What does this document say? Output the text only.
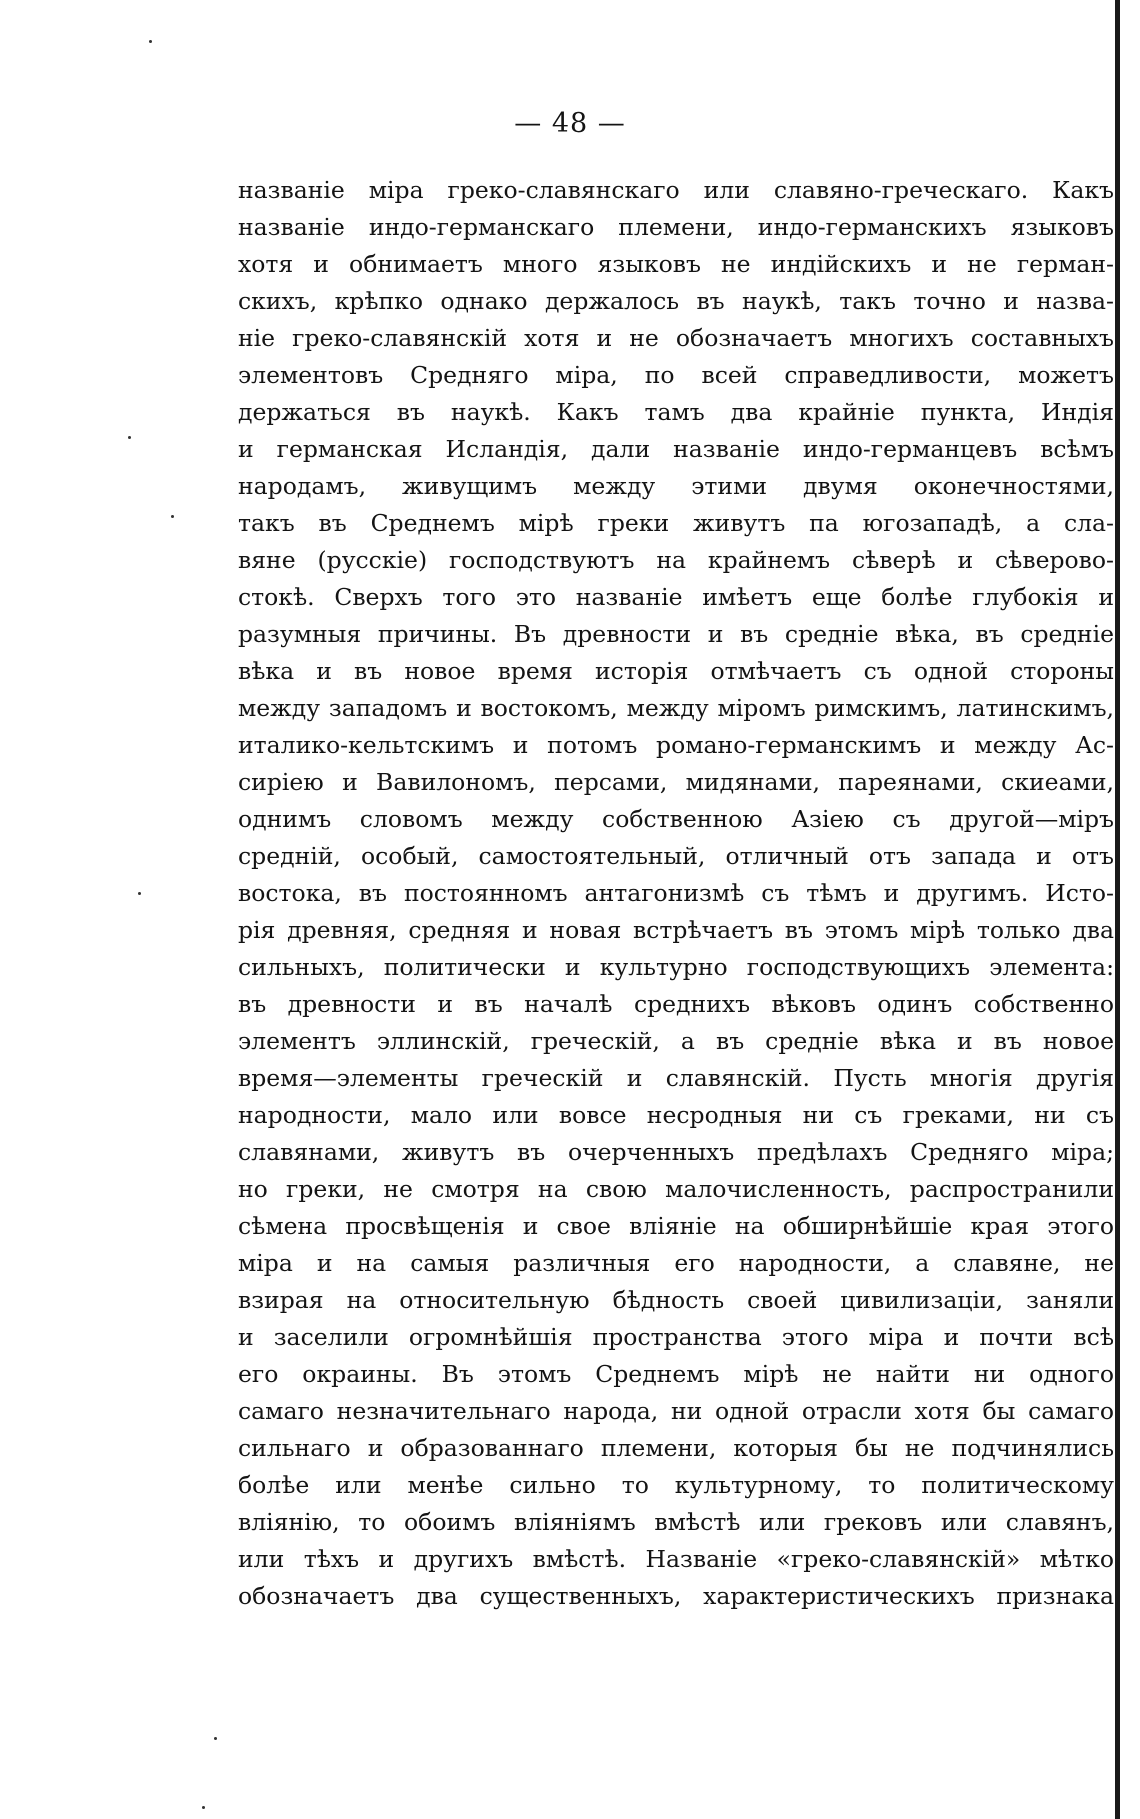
— 48 —
названіе міра греко-славянскаго или славяно-греческаго. Какъ
названіе индо-германскаго племени, индо-германскихъ языковъ
хотя и обнимаетъ много языковъ не индійскихъ и не герман-
скихъ, крѣпко однако держалось въ наукѣ, такъ точно и назва-
ніе греко-славянскій хотя и не обозначаетъ многихъ составныхъ
элементовъ Средняго міра, по всей справедливости, можетъ
держаться въ наукѣ. Какъ тамъ два крайніе пункта, Индія
и германская Исландія, дали названіе индо-германцевъ всѣмъ
народамъ, живущимъ между этими двумя оконечностями,
такъ въ Среднемъ мірѣ греки живутъ па югозападѣ, а сла-
вяне (русскіе) господствуютъ на крайнемъ сѣверѣ и сѣверово-
стокѣ. Сверхъ того это названіе имѣетъ еще болѣе глубокія и
разумныя причины. Въ древности и въ средніе вѣка, въ средніе
вѣка и въ новое время исторія отмѣчаетъ съ одной стороны
между западомъ и востокомъ, между міромъ римскимъ, латинскимъ,
италико-кельтскимъ и потомъ романо-германскимъ и между Ас-
сиріею и Вавилономъ, персами, мидянами, пареянами, скиеами,
однимъ словомъ между собственною Азіею съ другой—міръ
средній, особый, самостоятельный, отличный отъ запада и отъ
востока, въ постоянномъ антагонизмѣ съ тѣмъ и другимъ. Исто-
рія древняя, средняя и новая встрѣчаетъ въ этомъ мірѣ только два
сильныхъ, политически и культурно господствующихъ элемента:
въ древности и въ началѣ среднихъ вѣковъ одинъ собственно
элементъ эллинскій, греческій, а въ средніе вѣка и въ новое
время—элементы греческій и славянскій. Пусть многія другія
народности, мало или вовсе несродныя ни съ греками, ни съ
славянами, живутъ въ очерченныхъ предѣлахъ Средняго міра;
но греки, не смотря на свою малочисленность, распространили
сѣмена просвѣщенія и свое вліяніе на обширнѣйшіе края этого
міра и на самыя различныя его народности, а славяне, не
взирая на относительную бѣдность своей цивилизаціи, заняли
и заселили огромнѣйшія пространства этого міра и почти всѣ
его окраины. Въ этомъ Среднемъ мірѣ не найти ни одного
самаго незначительнаго народа, ни одной отрасли хотя бы самаго
сильнаго и образованнаго племени, которыя бы не подчинялись
болѣе или менѣе сильно то культурному, то политическому
вліянію, то обоимъ вліяніямъ вмѣстѣ или грековъ или славянъ,
или тѣхъ и другихъ вмѣстѣ. Названіе «греко-славянскій» мѣтко
обозначаетъ два существенныхъ, характеристическихъ признака
